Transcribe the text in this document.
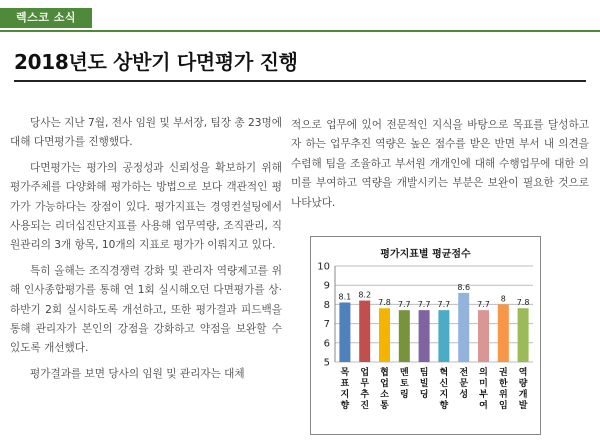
렉스코 소식
2018년도 상반기 다면평가 진행

당사는 지난 7월, 전사 임원 및 부서장, 팀장 총 23명에 대해 다면평가를 진행했다.

다면평가는 평가의 공정성과 신뢰성을 확보하기 위해 평가주체를 다양화해 평가하는 방법으로 보다 객관적인 평가가 가능하다는 장점이 있다. 평가지표는 경영컨설팅에서 사용되는 리더십진단지표를 사용해 업무역량, 조직관리, 직원관리의 3개 항목, 10개의 지표로 평가가 이뤄지고 있다.

특히 올해는 조직경쟁력 강화 및 관리자 역량제고를 위해 인사종합평가를 통해 연 1회 실시해오던 다면평가를 상·하반기 2회 실시하도록 개선하고, 또한 평가결과 피드백을 통해 관리자가 본인의 강점을 강화하고 약점을 보완할 수 있도록 개선했다.

평가결과를 보면 당사의 임원 및 관리자는 대체

적으로 업무에 있어 전문적인 지식을 바탕으로 목표를 달성하고자 하는 업무추진 역량은 높은 점수를 받은 반면 부서 내 의견을 수렴해 팀을 조율하고 부서원 개개인에 대해 수행업무에 대한 의미를 부여하고 역량을 개발시키는 부분은 보완이 필요한 것으로 나타났다.

평가지표별 평균점수
5
6
7
8
9
10
8.1
목
표
지
향
8.2
업
무
추
진
7.8
협
업
소
통
7.7
멘
토
링
7.7
팀
빌
딩
7.7
혁
신
지
향
8.6
전
문
성
7.7
의
미
부
여
8
권
한
위
임
7.8
역
량
개
발
